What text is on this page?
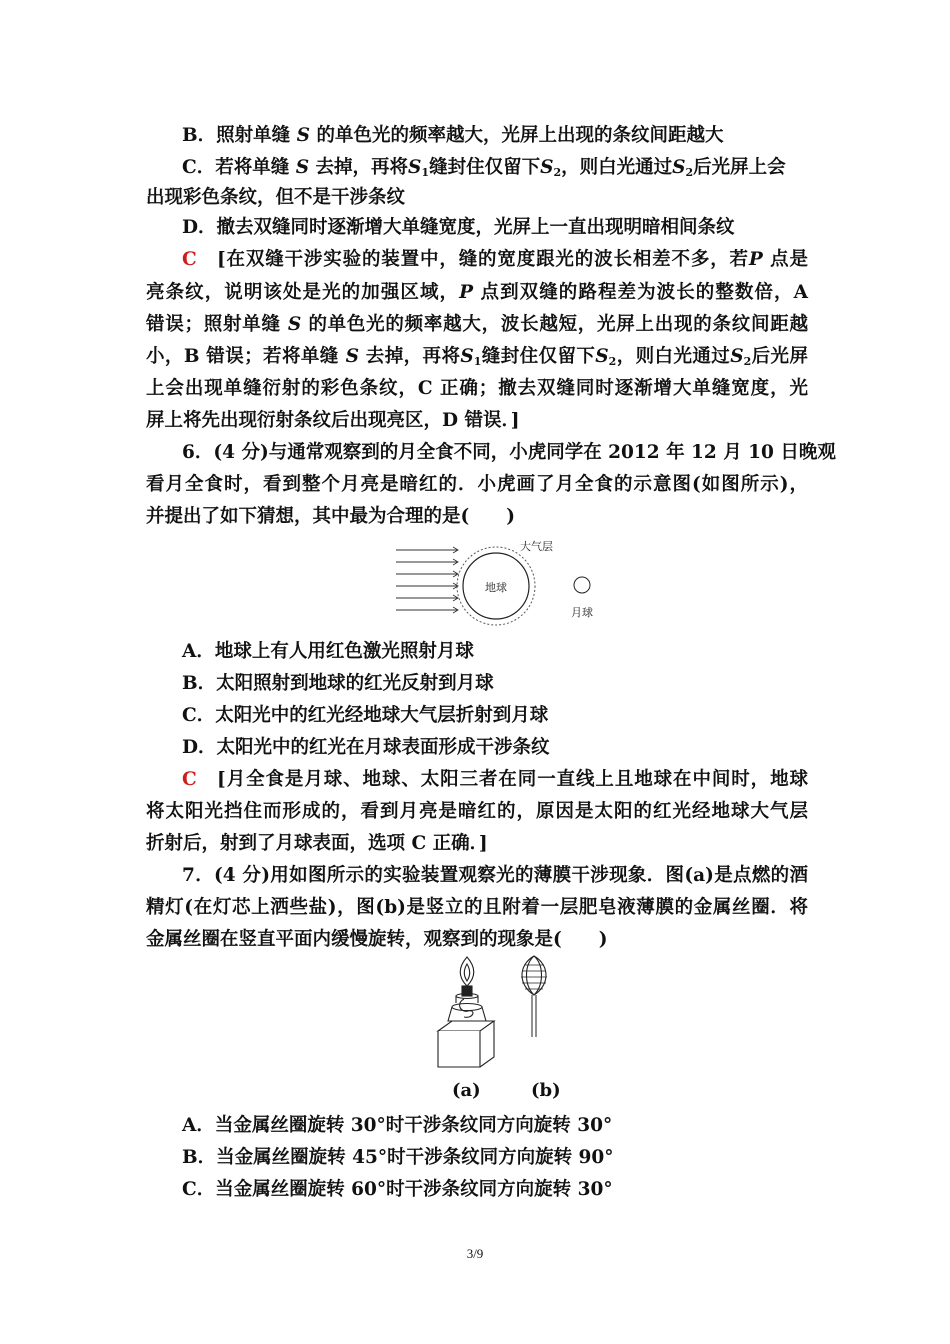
B．照射单缝 S 的单色光的频率越大，光屏上出现的条纹间距越大
C．若将单缝 S 去掉，再将$S_1$缝封住仅留下$S_2$，则白光通过$S_2$后光屏上会
出现彩色条纹，但不是干涉条纹
D．撤去双缝同时逐渐增大单缝宽度，光屏上一直出现明暗相间条纹
C　 [在双缝干涉实验的装置中，缝的宽度跟光的波长相差不多，若P 点是
亮条纹，说明该处是光的加强区域，P 点到双缝的路程差为波长的整数倍，A
错误；照射单缝 S 的单色光的频率越大，波长越短，光屏上出现的条纹间距越
小，B 错误；若将单缝 S 去掉，再将$S_1$缝封住仅留下$S_2$，则白光通过$S_2$后光屏
上会出现单缝衍射的彩色条纹，C 正确；撤去双缝同时逐渐增大单缝宽度，光
屏上将先出现衍射条纹后出现亮区，D 错误．]
6．(4 分)与通常观察到的月全食不同，小虎同学在 2012 年 12 月 10 日晚观
看月全食时，看到整个月亮是暗红的．小虎画了月全食的示意图(如图所示)，
并提出了如下猜想，其中最为合理的是(　　)
地球
大气层
月球
A．地球上有人用红色激光照射月球
B．太阳照射到地球的红光反射到月球
C．太阳光中的红光经地球大气层折射到月球
D．太阳光中的红光在月球表面形成干涉条纹
C　 [月全食是月球、地球、太阳三者在同一直线上且地球在中间时，地球
将太阳光挡住而形成的，看到月亮是暗红的，原因是太阳的红光经地球大气层
折射后，射到了月球表面，选项 C 正确．]
7．(4 分)用如图所示的实验装置观察光的薄膜干涉现象．图(a)是点燃的酒
精灯(在灯芯上洒些盐)，图(b)是竖立的且附着一层肥皂液薄膜的金属丝圈．将
金属丝圈在竖直平面内缓慢旋转，观察到的现象是(　　)
(a)	(b)
A．当金属丝圈旋转 30°时干涉条纹同方向旋转 30°
B．当金属丝圈旋转 45°时干涉条纹同方向旋转 90°
C．当金属丝圈旋转 60°时干涉条纹同方向旋转 30°
3/9
